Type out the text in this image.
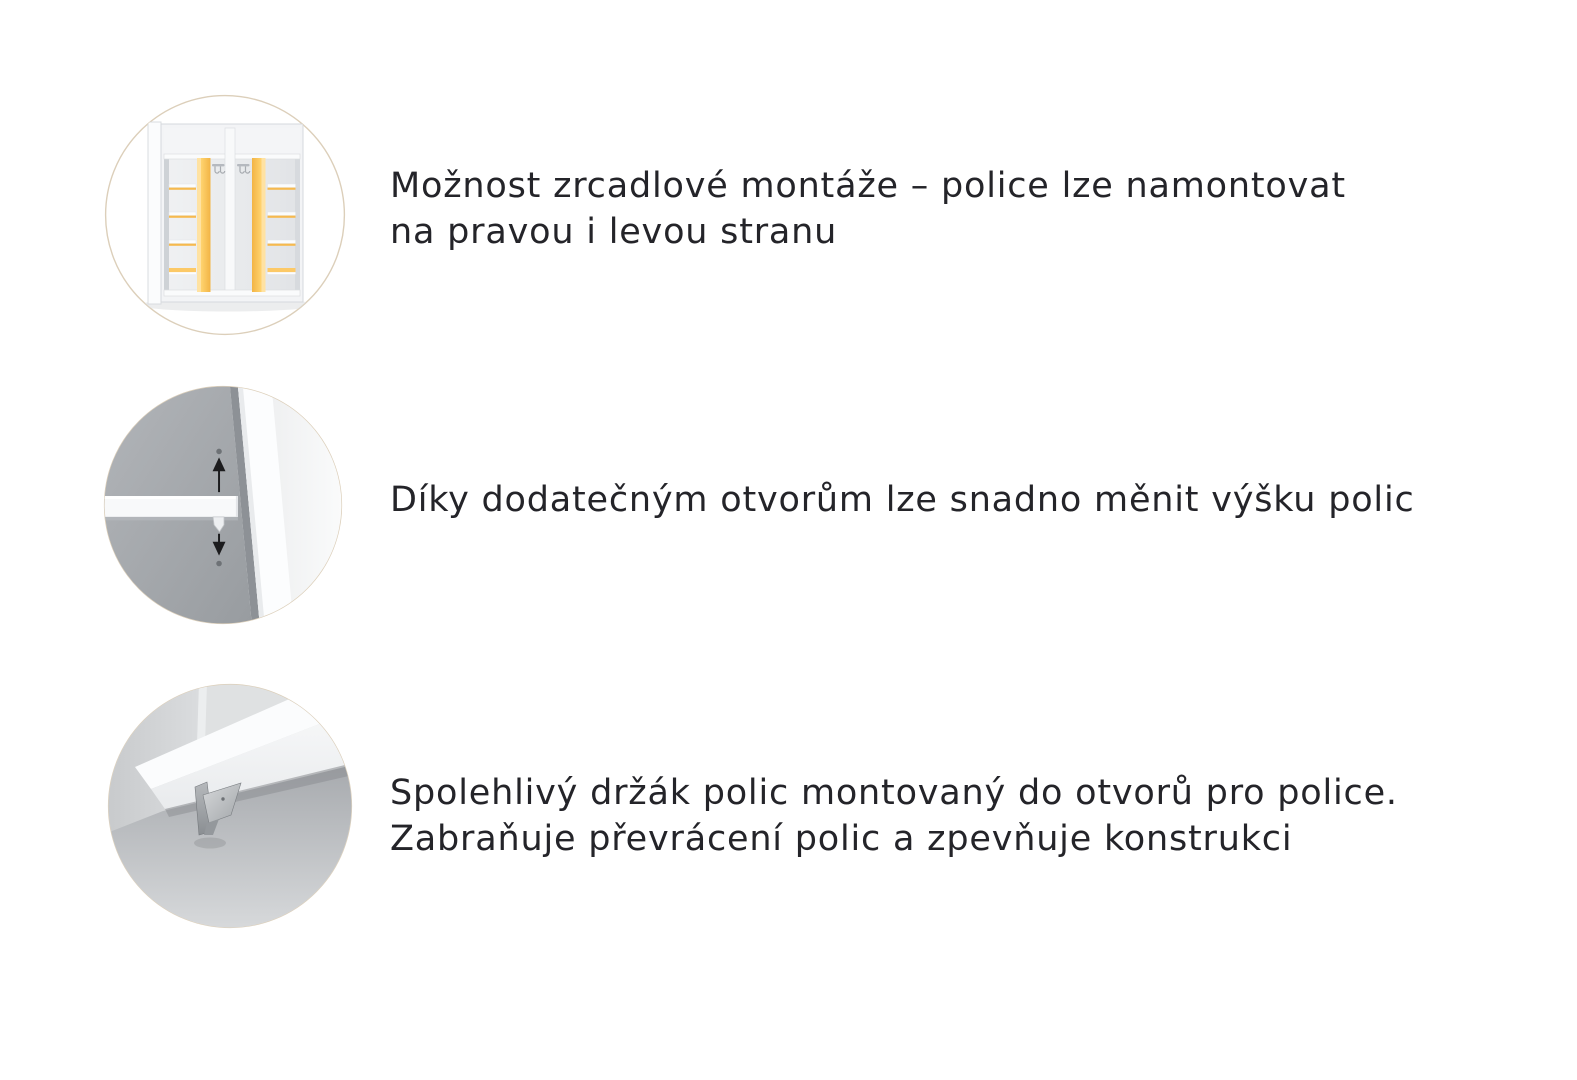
Možnost zrcadlové montáže – police lze namontovat
na pravou i levou stranu
Díky dodatečným otvorům lze snadno měnit výšku polic
Spolehlivý držák polic montovaný do otvorů pro police.
Zabraňuje převrácení polic a zpevňuje konstrukci
